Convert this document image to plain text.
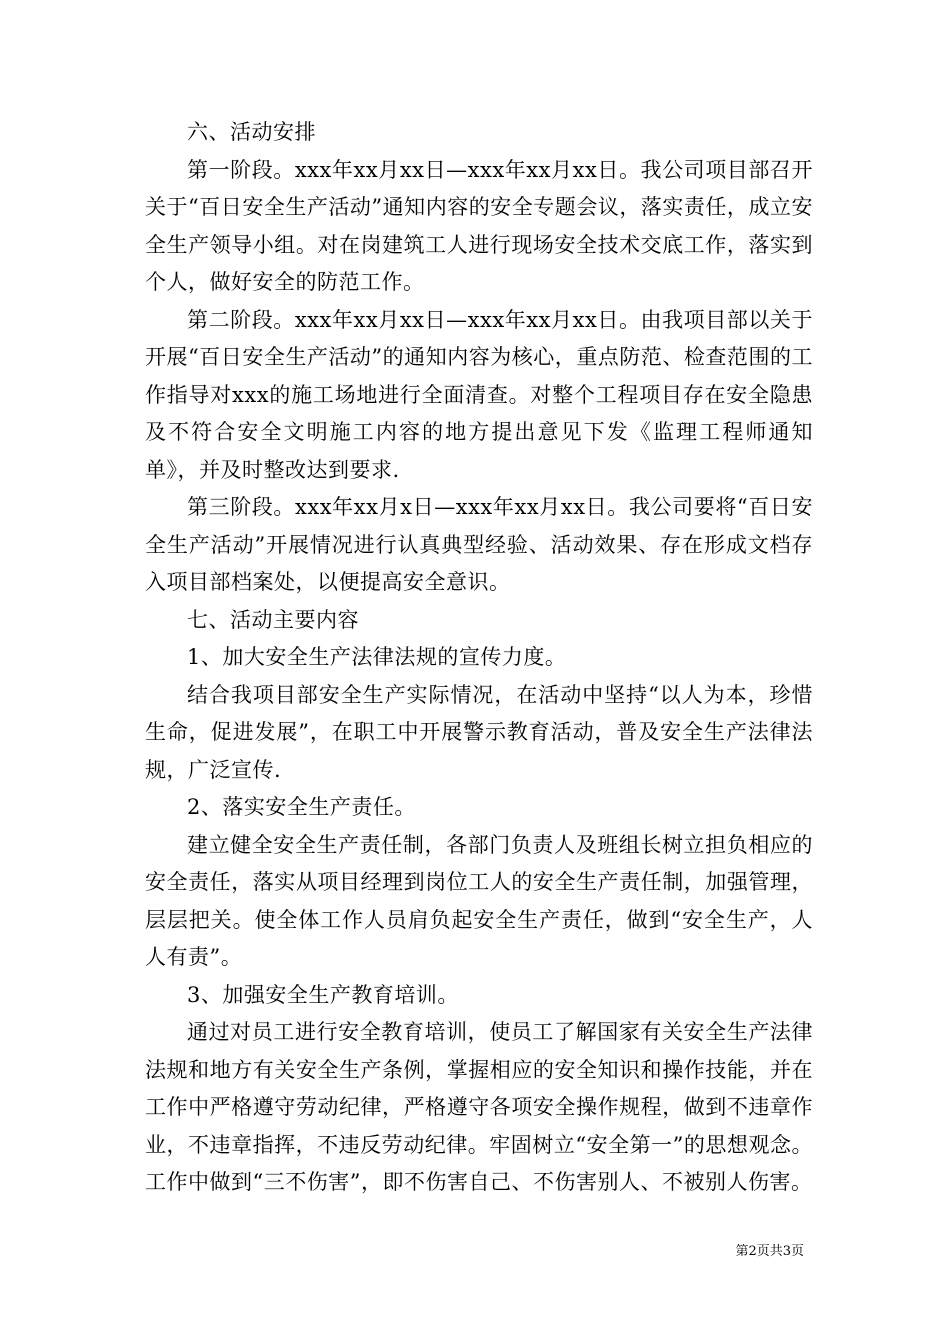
六、活动安排

第一阶段。xxx年xx月xx日—xxx年xx月xx日。我公司项目部召开关于“百日安全生产活动”通知内容的安全专题会议，落实责任，成立安全生产领导小组。对在岗建筑工人进行现场安全技术交底工作，落实到个人，做好安全的防范工作。

第二阶段。xxx年xx月xx日—xxx年xx月xx日。由我项目部以关于开展“百日安全生产活动”的通知内容为核心，重点防范、检查范围的工作指导对xxx的施工场地进行全面清查。对整个工程项目存在安全隐患及不符合安全文明施工内容的地方提出意见下发《监理工程师通知单》，并及时整改达到要求.

第三阶段。xxx年xx月x日—xxx年xx月xx日。我公司要将“百日安全生产活动”开展情况进行认真典型经验、活动效果、存在形成文档存入项目部档案处，以便提高安全意识。

七、活动主要内容

1、加大安全生产法律法规的宣传力度。

结合我项目部安全生产实际情况，在活动中坚持“以人为本，珍惜生命，促进发展”，在职工中开展警示教育活动，普及安全生产法律法规，广泛宣传.

2、落实安全生产责任。

建立健全安全生产责任制，各部门负责人及班组长树立担负相应的安全责任，落实从项目经理到岗位工人的安全生产责任制，加强管理，层层把关。使全体工作人员肩负起安全生产责任，做到“安全生产，人人有责”。

3、加强安全生产教育培训。

通过对员工进行安全教育培训，使员工了解国家有关安全生产法律法规和地方有关安全生产条例，掌握相应的安全知识和操作技能，并在工作中严格遵守劳动纪律，严格遵守各项安全操作规程，做到不违章作业，不违章指挥，不违反劳动纪律。牢固树立“安全第一”的思想观念。工作中做到“三不伤害”，即不伤害自己、不伤害别人、不被别人伤害。

第2页共3页
